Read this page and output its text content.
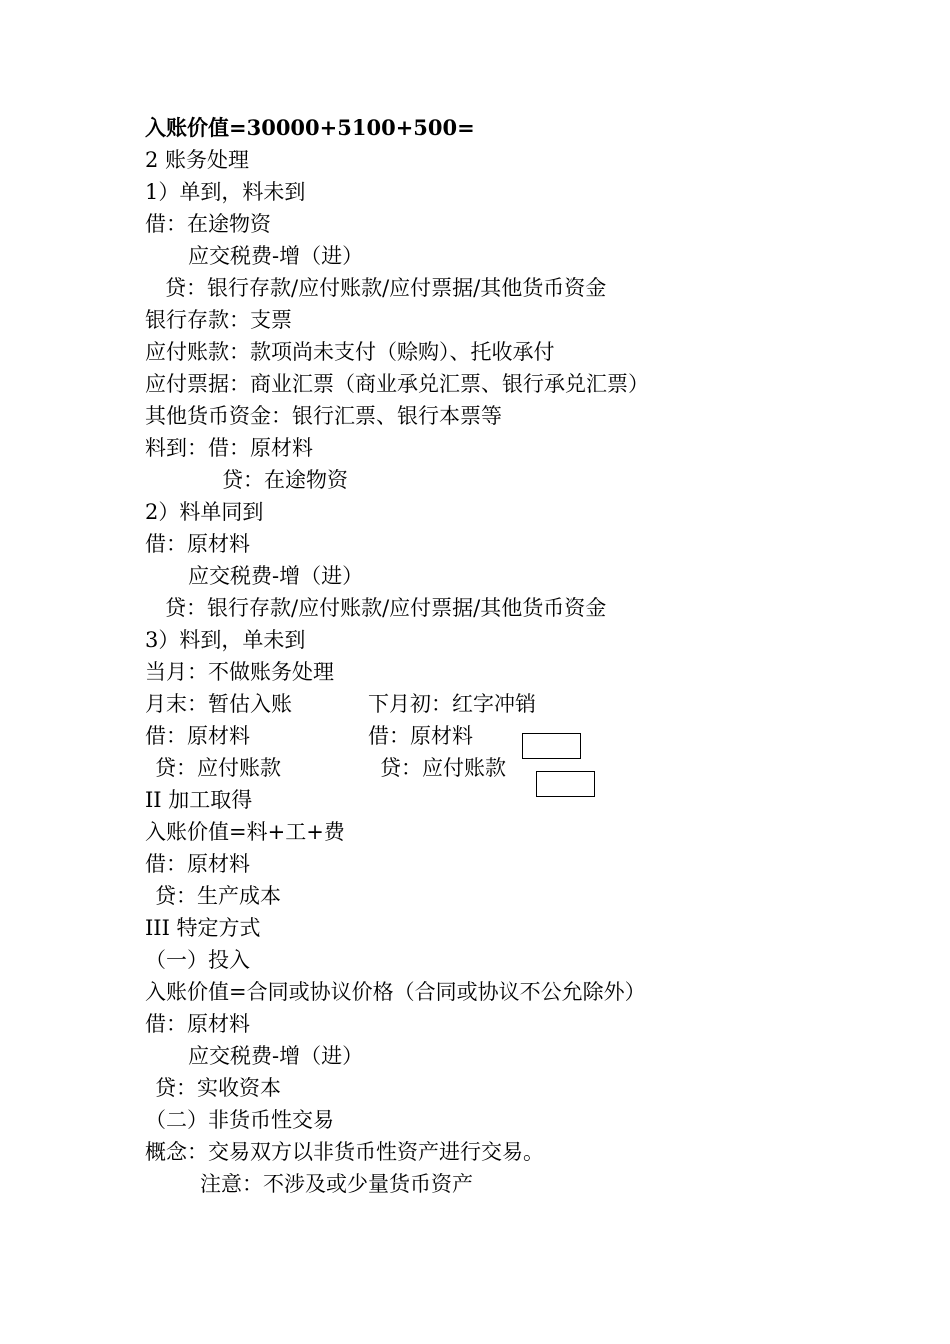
入账价值=30000+5100+500=
2 账务处理
1）单到，料未到
借：在途物资
应交税费-增（进）
贷：银行存款/应付账款/应付票据/其他货币资金
银行存款：支票
应付账款：款项尚未支付（赊购）、托收承付
应付票据：商业汇票（商业承兑汇票、银行承兑汇票）
其他货币资金：银行汇票、银行本票等
料到：借：原材料
贷：在途物资
2）料单同到
借：原材料
应交税费-增（进）
贷：银行存款/应付账款/应付票据/其他货币资金
3）料到，单未到
当月：不做账务处理
月末：暂估入账	下月初：红字冲销
借：原材料	借：原材料
贷：应付账款	贷：应付账款
II 加工取得
入账价值=料+工+费
借：原材料
贷：生产成本
III 特定方式
（一）投入
入账价值=合同或协议价格（合同或协议不公允除外）
借：原材料
应交税费-增（进）
贷：实收资本
（二）非货币性交易
概念：交易双方以非货币性资产进行交易。
注意：不涉及或少量货币资产
